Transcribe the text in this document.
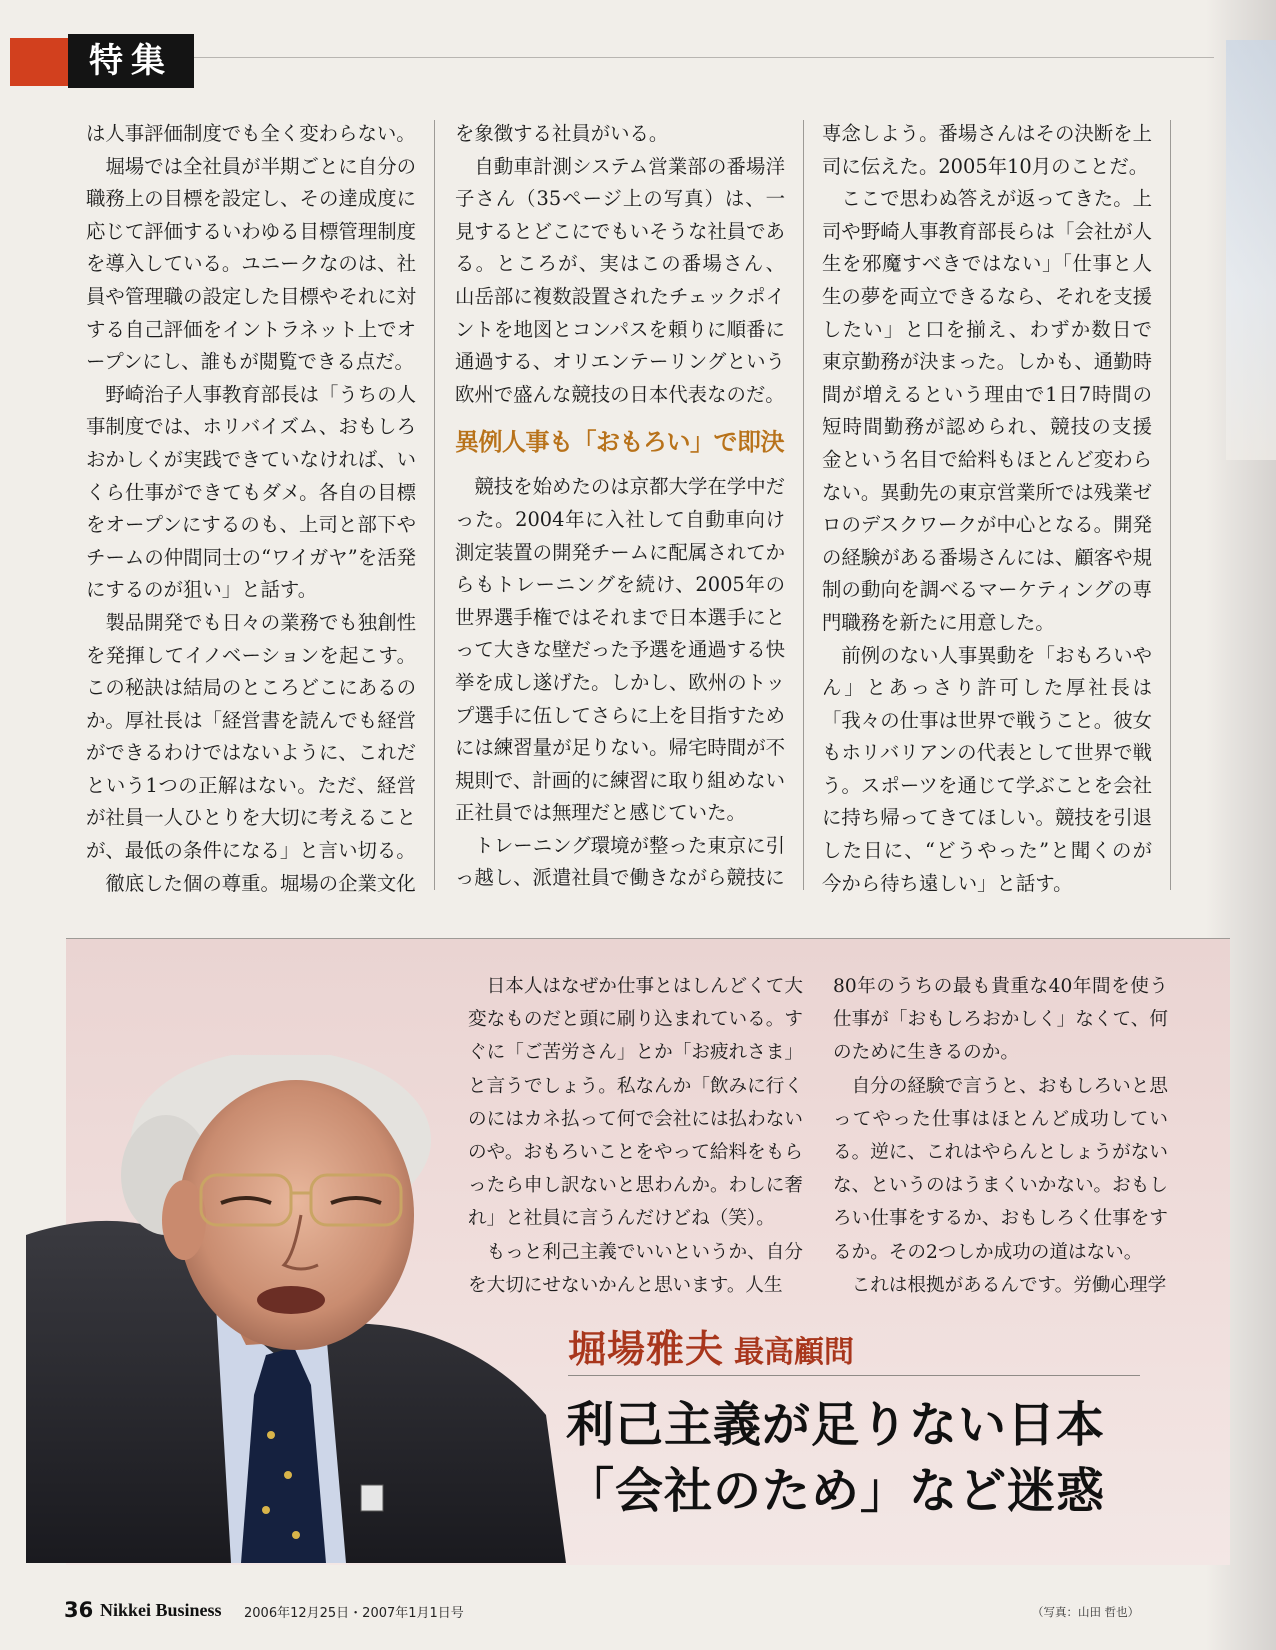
特集

は人事評価制度でも全く変わらない。

堀場では全社員が半期ごとに自分の職務上の目標を設定し、その達成度に応じて評価するいわゆる目標管理制度を導入している。ユニークなのは、社員や管理職の設定した目標やそれに対する自己評価をイントラネット上でオープンにし、誰もが閲覧できる点だ。

野崎治子人事教育部長は「うちの人事制度では、ホリバイズム、おもしろおかしくが実践できていなければ、いくら仕事ができてもダメ。各自の目標をオープンにするのも、上司と部下やチームの仲間同士の“ワイガヤ”を活発にするのが狙い」と話す。

製品開発でも日々の業務でも独創性を発揮してイノベーションを起こす。この秘訣は結局のところどこにあるのか。厚社長は「経営書を読んでも経営ができるわけではないように、これだという1つの正解はない。ただ、経営が社員一人ひとりを大切に考えることが、最低の条件になる」と言い切る。

徹底した個の尊重。堀場の企業文化

を象徴する社員がいる。

自動車計測システム営業部の番場洋子さん（35ページ上の写真）は、一見するとどこにでもいそうな社員である。ところが、実はこの番場さん、山岳部に複数設置されたチェックポイントを地図とコンパスを頼りに順番に通過する、オリエンテーリングという欧州で盛んな競技の日本代表なのだ。

異例人事も「おもろい」で即決

競技を始めたのは京都大学在学中だった。2004年に入社して自動車向け測定装置の開発チームに配属されてからもトレーニングを続け、2005年の世界選手権ではそれまで日本選手にとって大きな壁だった予選を通過する快挙を成し遂げた。しかし、欧州のトップ選手に伍してさらに上を目指すためには練習量が足りない。帰宅時間が不規則で、計画的に練習に取り組めない正社員では無理だと感じていた。

トレーニング環境が整った東京に引っ越し、派遣社員で働きながら競技に

専念しよう。番場さんはその決断を上司に伝えた。2005年10月のことだ。

ここで思わぬ答えが返ってきた。上司や野崎人事教育部長らは「会社が人生を邪魔すべきではない」「仕事と人生の夢を両立できるなら、それを支援したい」と口を揃え、わずか数日で東京勤務が決まった。しかも、通勤時間が増えるという理由で1日7時間の短時間勤務が認められ、競技の支援金という名目で給料もほとんど変わらない。異動先の東京営業所では残業ゼロのデスクワークが中心となる。開発の経験がある番場さんには、顧客や規制の動向を調べるマーケティングの専門職務を新たに用意した。

前例のない人事異動を「おもろいやん」とあっさり許可した厚社長は「我々の仕事は世界で戦うこと。彼女もホリバリアンの代表として世界で戦う。スポーツを通じて学ぶことを会社に持ち帰ってきてほしい。競技を引退した日に、“どうやった”と聞くのが今から待ち遠しい」と話す。

日本人はなぜか仕事とはしんどくて大変なものだと頭に刷り込まれている。すぐに「ご苦労さん」とか「お疲れさま」と言うでしょう。私なんか「飲みに行くのにはカネ払って何で会社には払わないのや。おもろいことをやって給料をもらったら申し訳ないと思わんか。わしに奢れ」と社員に言うんだけどね（笑）。

もっと利己主義でいいというか、自分を大切にせないかんと思います。人生

80年のうちの最も貴重な40年間を使う仕事が「おもしろおかしく」なくて、何のために生きるのか。

自分の経験で言うと、おもしろいと思ってやった仕事はほとんど成功している。逆に、これはやらんとしょうがないな、というのはうまくいかない。おもしろい仕事をするか、おもしろく仕事をするか。その2つしか成功の道はない。

これは根拠があるんです。労働心理学

堀場雅夫 最高顧問
利己主義が足りない日本
「会社のため」など迷惑
36 Nikkei Business 2006年12月25日・2007年1月1日号	（写真：山田 哲也）
